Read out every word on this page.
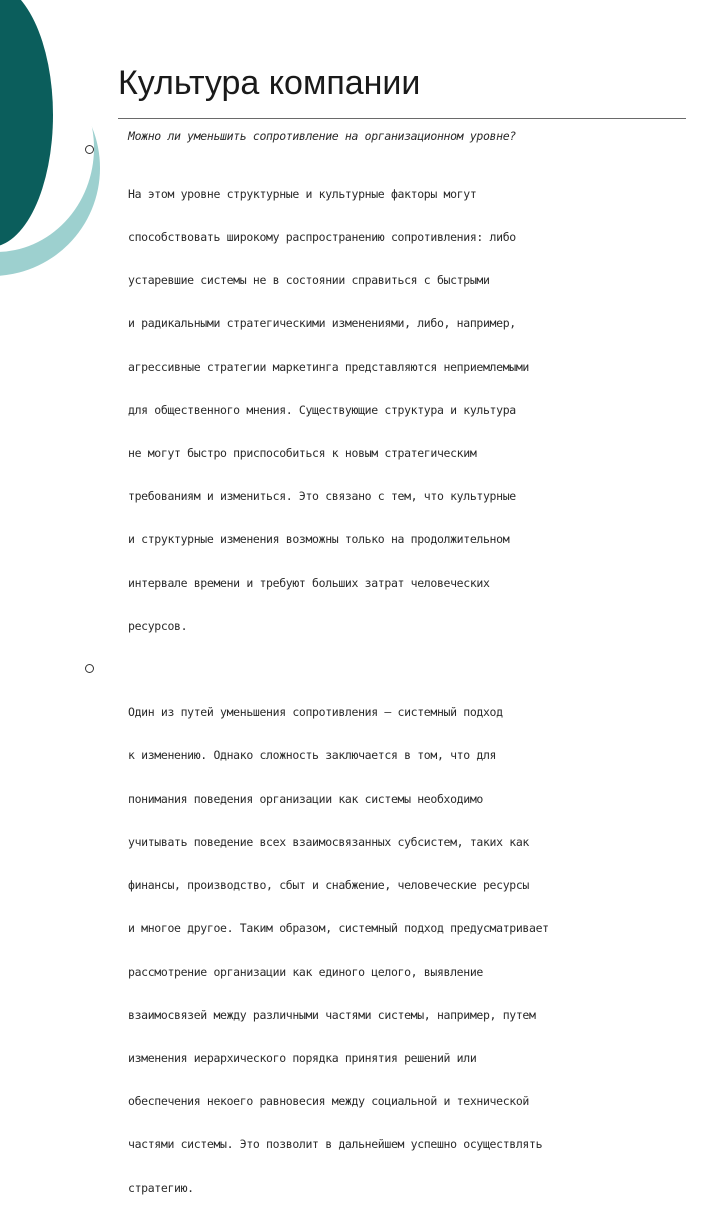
Культура компании
Можно ли уменьшить сопротивление на организационном уровне?

На этом уровне структурные и культурные факторы могут

способствовать широкому распространению сопротивления: либо

устаревшие системы не в состоянии справиться с быстрыми

и радикальными стратегическими изменениями, либо, например,

агрессивные стратегии маркетинга представляются неприемлемыми

для общественного мнения. Существующие структура и культура

не могут быстро приспособиться к новым стратегическим

требованиям и измениться. Это связано с тем, что культурные

и структурные изменения возможны только на продолжительном

интервале времени и требуют больших затрат человеческих

ресурсов.

Один из путей уменьшения сопротивления — системный подход

к изменению. Однако сложность заключается в том, что для

понимания поведения организации как системы необходимо

учитывать поведение всех взаимосвязанных субсистем, таких как

финансы, производство, сбыт и снабжение, человеческие ресурсы

и многое другое. Таким образом, системный подход предусматривает

рассмотрение организации как единого целого, выявление

взаимосвязей между различными частями системы, например, путем

изменения иерархического порядка принятия решений или

обеспечения некоего равновесия между социальной и технической

частями системы. Это позволит в дальнейшем успешно осуществлять

стратегию.
